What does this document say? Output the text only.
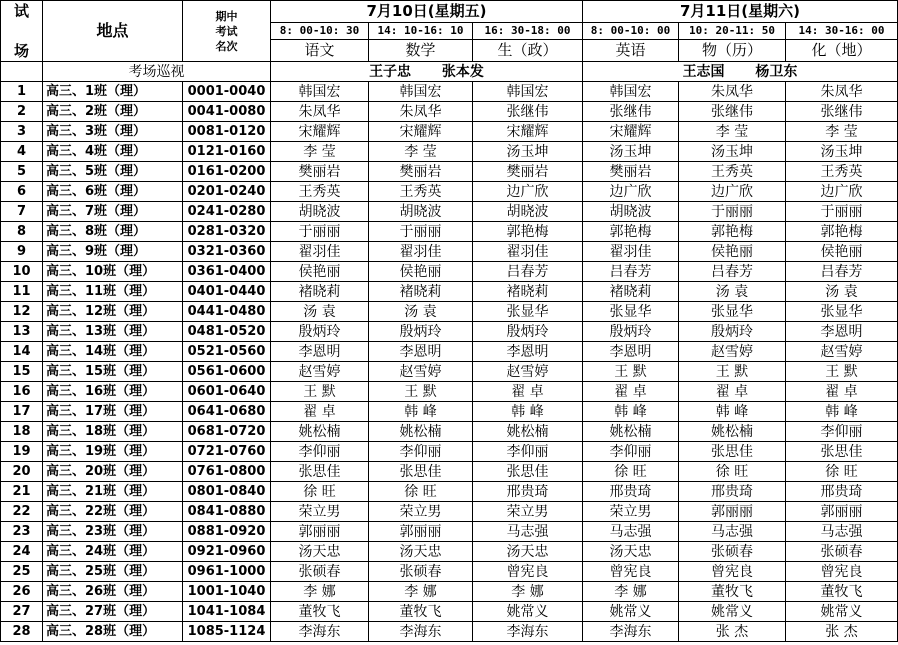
试

场	地点	期中
考试
名次	7月10日(星期五)			7月11日(星期六)		
			8: 00-10: 30	14: 10-16: 10	16: 30-18: 00	8: 00-10: 00	10: 20-11: 50	14: 30-16: 00
			语文	数学	生（政）	英语	物（历）	化（地）
	考场巡视		王子忠 张本发			王志国 杨卫东		
1	高三、1班（理）	0001-0040	韩国宏	韩国宏	韩国宏	韩国宏	朱凤华	朱凤华
2	高三、2班（理）	0041-0080	朱凤华	朱凤华	张继伟	张继伟	张继伟	张继伟
3	高三、3班（理）	0081-0120	宋耀辉	宋耀辉	宋耀辉	宋耀辉	李 莹	李 莹
4	高三、4班（理）	0121-0160	李 莹	李 莹	汤玉坤	汤玉坤	汤玉坤	汤玉坤
5	高三、5班（理）	0161-0200	樊丽岩	樊丽岩	樊丽岩	樊丽岩	王秀英	王秀英
6	高三、6班（理）	0201-0240	王秀英	王秀英	边广欣	边广欣	边广欣	边广欣
7	高三、7班（理）	0241-0280	胡晓波	胡晓波	胡晓波	胡晓波	于丽丽	于丽丽
8	高三、8班（理）	0281-0320	于丽丽	于丽丽	郭艳梅	郭艳梅	郭艳梅	郭艳梅
9	高三、9班（理）	0321-0360	翟羽佳	翟羽佳	翟羽佳	翟羽佳	侯艳丽	侯艳丽
10	高三、10班（理）	0361-0400	侯艳丽	侯艳丽	吕春芳	吕春芳	吕春芳	吕春芳
11	高三、11班（理）	0401-0440	褚晓莉	褚晓莉	褚晓莉	褚晓莉	汤 袁	汤 袁
12	高三、12班（理）	0441-0480	汤 袁	汤 袁	张显华	张显华	张显华	张显华
13	高三、13班（理）	0481-0520	殷炳玲	殷炳玲	殷炳玲	殷炳玲	殷炳玲	李恩明
14	高三、14班（理）	0521-0560	李恩明	李恩明	李恩明	李恩明	赵雪婷	赵雪婷
15	高三、15班（理）	0561-0600	赵雪婷	赵雪婷	赵雪婷	王 默	王 默	王 默
16	高三、16班（理）	0601-0640	王 默	王 默	翟 卓	翟 卓	翟 卓	翟 卓
17	高三、17班（理）	0641-0680	翟 卓	韩 峰	韩 峰	韩 峰	韩 峰	韩 峰
18	高三、18班（理）	0681-0720	姚松楠	姚松楠	姚松楠	姚松楠	姚松楠	李仰丽
19	高三、19班（理）	0721-0760	李仰丽	李仰丽	李仰丽	李仰丽	张思佳	张思佳
20	高三、20班（理）	0761-0800	张思佳	张思佳	张思佳	徐 旺	徐 旺	徐 旺
21	高三、21班（理）	0801-0840	徐 旺	徐 旺	邢贵琦	邢贵琦	邢贵琦	邢贵琦
22	高三、22班（理）	0841-0880	荣立男	荣立男	荣立男	荣立男	郭丽丽	郭丽丽
23	高三、23班（理）	0881-0920	郭丽丽	郭丽丽	马志强	马志强	马志强	马志强
24	高三、24班（理）	0921-0960	汤天忠	汤天忠	汤天忠	汤天忠	张硕春	张硕春
25	高三、25班（理）	0961-1000	张硕春	张硕春	曾宪良	曾宪良	曾宪良	曾宪良
26	高三、26班（理）	1001-1040	李 娜	李 娜	李 娜	李 娜	董牧飞	董牧飞
27	高三、27班（理）	1041-1084	董牧飞	董牧飞	姚常义	姚常义	姚常义	姚常义
28	高三、28班（理）	1085-1124	李海东	李海东	李海东	李海东	张 杰	张 杰
